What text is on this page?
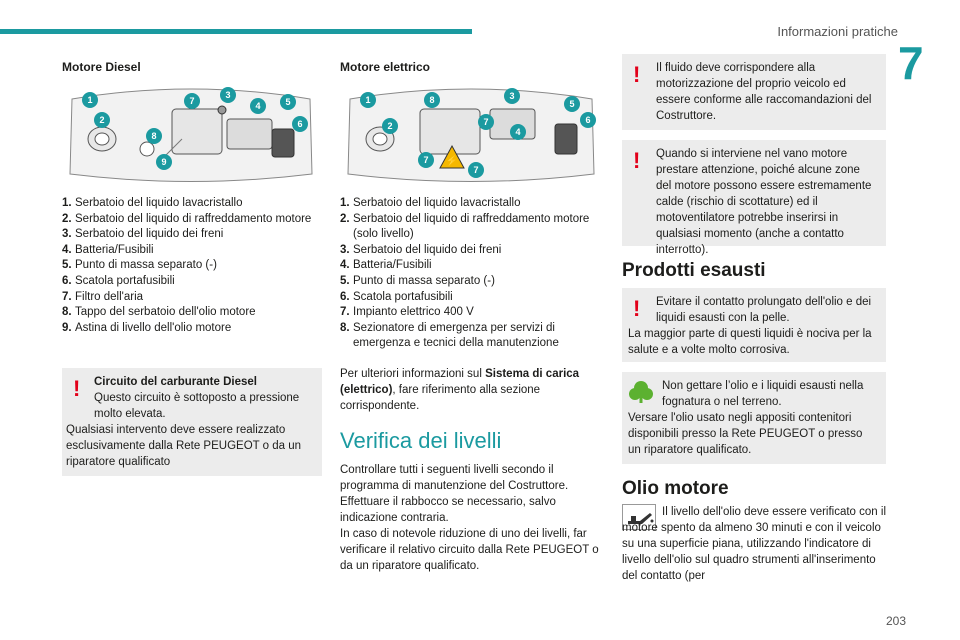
Informazioni pratiche
7
Motore Diesel
1	7
3
4	5
2	6
8
9
1. Serbatoio del liquido lavacristallo
2. Serbatoio del liquido di raffreddamento motore
3. Serbatoio del liquido dei freni
4. Batteria/Fusibili
5. Punto di massa separato (-)
6. Scatola portafusibili
7. Filtro dell'aria
8. Tappo del serbatoio dell'olio motore
9. Astina di livello dell'olio motore
!	Circuito del carburante Diesel
Questo circuito è sottoposto a pressione molto elevata.
Qualsiasi intervento deve essere realizzato esclusivamente dalla Rete PEUGEOT o da un riparatore qualificato
Motore elettrico
⚡
1	8	3
5
2	7
4
6
7
7
1. Serbatoio del liquido lavacristallo
2. Serbatoio del liquido di raffreddamento motore (solo livello)
3. Serbatoio del liquido dei freni
4. Batteria/Fusibili
5. Punto di massa separato (-)
6. Scatola portafusibili
7. Impianto elettrico 400 V
8. Sezionatore di emergenza per servizi di emergenza e tecnici della manutenzione

Per ulteriori informazioni sul Sistema di carica (elettrico), fare riferimento alla sezione corrispondente.

Verifica dei livelli

Controllare tutti i seguenti livelli secondo il programma di manutenzione del Costruttore. Effettuare il rabbocco se necessario, salvo indicazione contraria.

In caso di notevole riduzione di uno dei livelli, far verificare il relativo circuito dalla Rete PEUGEOT o da un riparatore qualificato.

!	Il fluido deve corrispondere alla motorizzazione del proprio veicolo ed essere conforme alle raccomandazioni del Costruttore.
!	Quando si interviene nel vano motore prestare attenzione, poiché alcune zone del motore possono essere estremamente calde (rischio di scottature) ed il motoventilatore potrebbe inserirsi in qualsiasi momento (anche a contatto interrotto).
Prodotti esausti
!	Evitare il contatto prolungato dell'olio e dei liquidi esausti con la pelle.
La maggior parte di questi liquidi è nociva per la salute e a volte molto corrosiva.
Non gettare l’olio e i liquidi esausti nella fognatura o nel terreno.
Versare l'olio usato negli appositi contenitori disponibili presso la Rete PEUGEOT o presso un riparatore qualificato.
Olio motore

Il livello dell'olio deve essere verificato con il motore spento da almeno 30 minuti e con il veicolo su una superficie piana, utilizzando l'indicatore di livello dell'olio sul quadro strumenti all'inserimento del contatto (per

203
